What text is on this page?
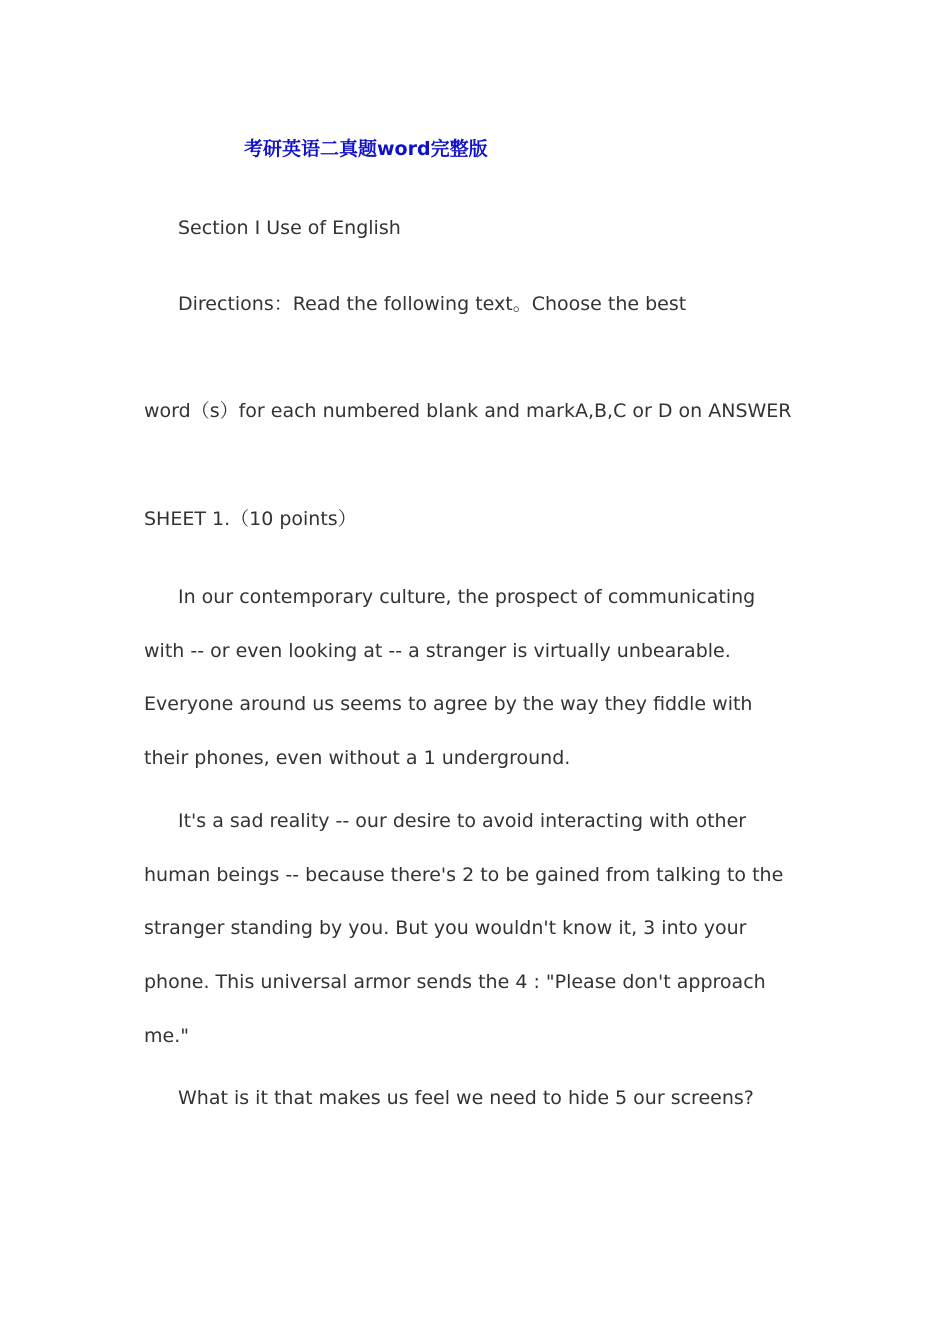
考研英语二真题word完整版

Section I Use of English

Directions：Read the following text。Choose the best

word（s）for each numbered blank and markA,B,C or D on ANSWER

SHEET 1.（10 points）

In our contemporary culture, the prospect of communicating

with -- or even looking at -- a stranger is virtually unbearable.

Everyone around us seems to agree by the way they fiddle with

their phones, even without a 1 underground.

It's a sad reality -- our desire to avoid interacting with other

human beings -- because there's 2 to be gained from talking to the

stranger standing by you. But you wouldn't know it, 3 into your

phone. This universal armor sends the 4 : "Please don't approach

me."

What is it that makes us feel we need to hide 5 our screens?
